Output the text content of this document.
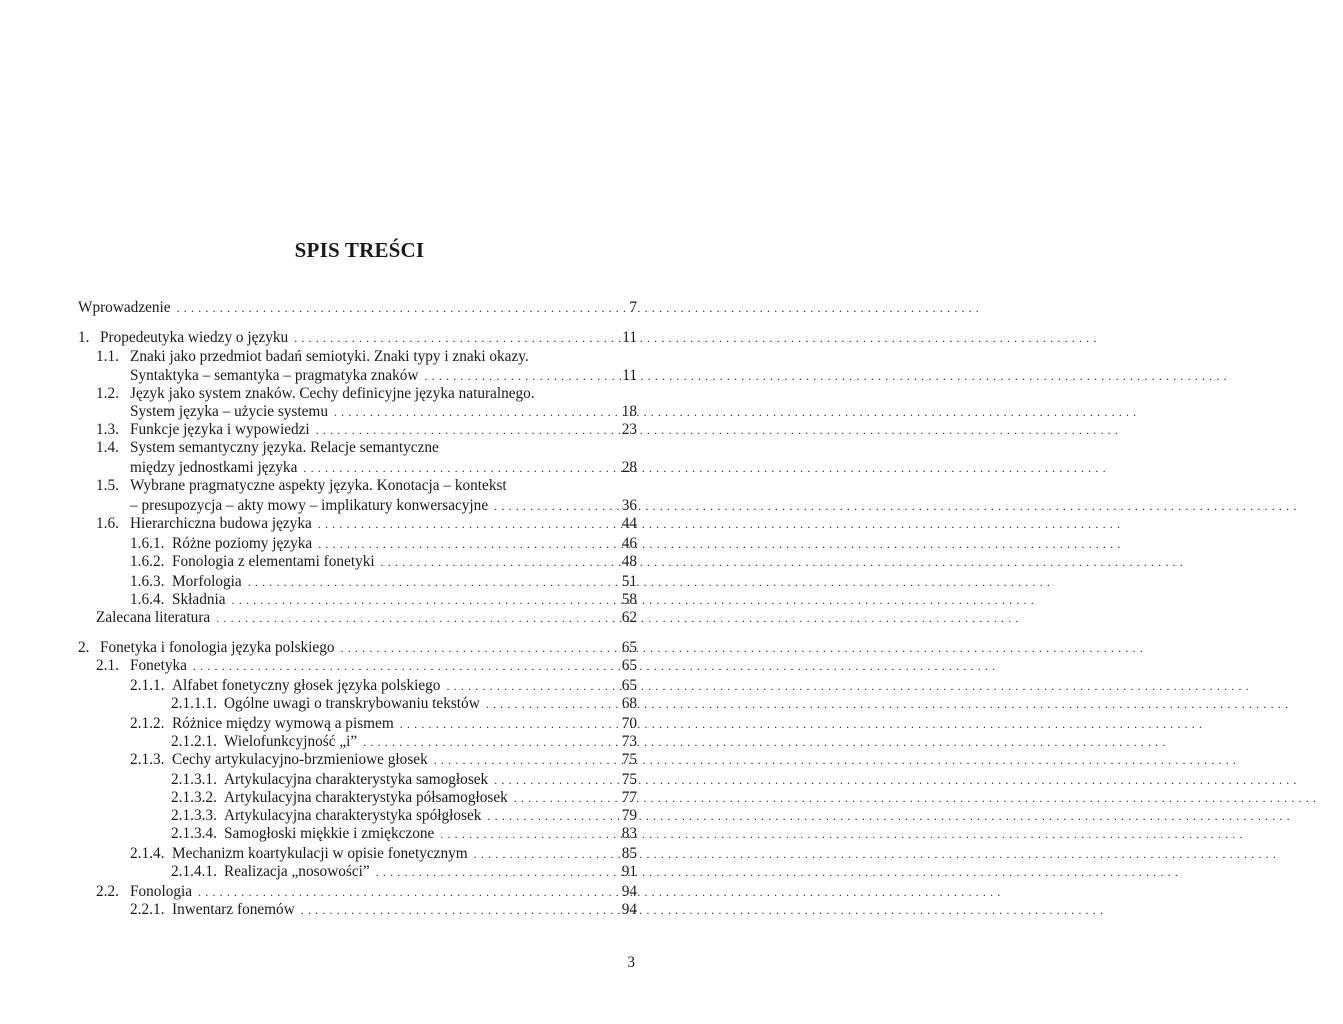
SPIS TREŚCI
Wprowadzenie . . .	7
1. Propedeutyka wiedzy o języku . . .	11
1.1. Znaki jako przedmiot badań semiotyki. Znaki typy i znaki okazy.
Syntaktyka – semantyka – pragmatyka znaków . . .	11
1.2. Język jako system znaków. Cechy definicyjne języka naturalnego.
System języka – użycie systemu . . .	18
1.3. Funkcje języka i wypowiedzi . . .	23
1.4. System semantyczny języka. Relacje semantyczne
między jednostkami języka . . .	28
1.5. Wybrane pragmatyczne aspekty języka. Konotacja – kontekst
– presupozycja – akty mowy – implikatury konwersacyjne . . .	36
1.6. Hierarchiczna budowa języka . . .	44
1.6.1. Różne poziomy języka . . .	46
1.6.2. Fonologia z elementami fonetyki . . .	48
1.6.3. Morfologia . . .	51
1.6.4. Składnia . . .	58
Zalecana literatura . . .	62
2. Fonetyka i fonologia języka polskiego . . .	65
2.1. Fonetyka . . .	65
2.1.1. Alfabet fonetyczny głosek języka polskiego . . .	65
2.1.1.1. Ogólne uwagi o transkrybowaniu tekstów . . .	68
2.1.2. Różnice między wymową a pismem . . .	70
2.1.2.1. Wielofunkcyjność „i” . . .	73
2.1.3. Cechy artykulacyjno-brzmieniowe głosek . . .	75
2.1.3.1. Artykulacyjna charakterystyka samogłosek . . .	75
2.1.3.2. Artykulacyjna charakterystyka półsamogłosek . . .	77
2.1.3.3. Artykulacyjna charakterystyka spółgłosek . . .	79
2.1.3.4. Samogłoski miękkie i zmiękczone . . .	83
2.1.4. Mechanizm koartykulacji w opisie fonetycznym . . .	85
2.1.4.1. Realizacja „nosowości” . . .	91
2.2. Fonologia . . .	94
2.2.1. Inwentarz fonemów . . .	94
3
